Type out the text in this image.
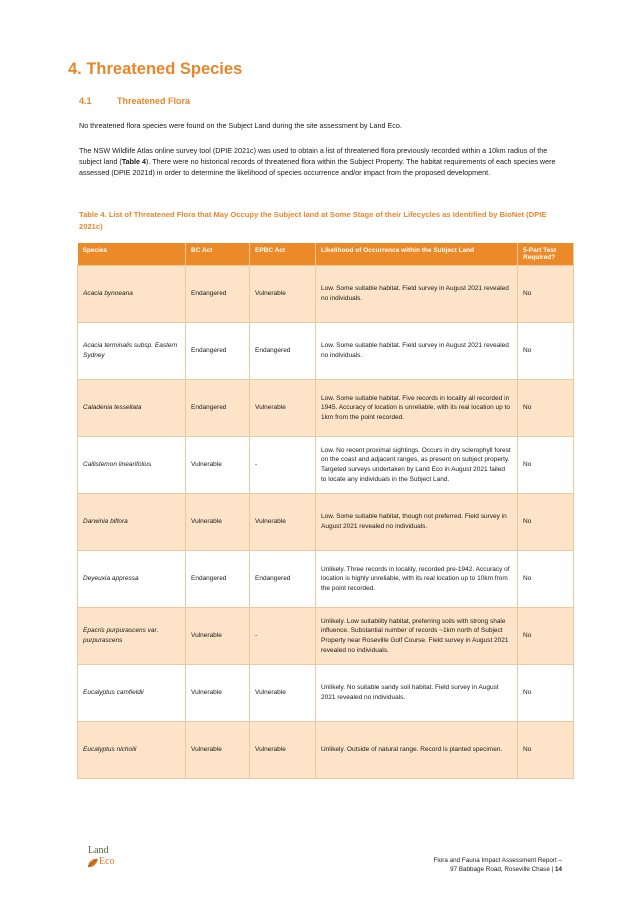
4. Threatened Species
4.1	Threatened Flora
No threatened flora species were found on the Subject Land during the site assessment by Land Eco.
The NSW Wildlife Atlas online survey tool (DPIE 2021c) was used to obtain a list of threatened flora previously recorded within a 10km radius of the subject land (Table 4). There were no historical records of threatened flora within the Subject Property. The habitat requirements of each species were assessed (DPIE 2021d) in order to determine the likelihood of species occurrence and/or impact from the proposed development.
Table 4. List of Threatened Flora that May Occupy the Subject land at Some Stage of their Lifecycles as Identified by BioNet (DPIE 2021c)
Species	BC Act	EPBC Act	Likelihood of Occurrence within the Subject Land	5-Part Test Required?
Acacia bynoeana	Endangered	Vulnerable	Low. Some suitable habitat. Field survey in August 2021 revealed no individuals.	No
Acacia terminalis subsp. Eastern Sydney	Endangered	Endangered	Low. Some suitable habitat. Field survey in August 2021 revealed no individuals.	No
Caladenia tessellata	Endangered	Vulnerable	Low. Some suitable habitat. Five records in locality all recorded in 1945. Accuracy of location is unreliable, with its real location up to 1km from the point recorded.	No
Callistemon linearifolius	Vulnerable	-	Low. No recent proximal sightings. Occurs in dry sclerophyll forest on the coast and adjacent ranges, as present on subject property. Targeted surveys undertaken by Land Eco in August 2021 failed to locate any individuals in the Subject Land.	No
Darwinia biflora	Vulnerable	Vulnerable	Low. Some suitable habitat, though not preferred. Field survey in August 2021 revealed no individuals.	No
Deyeuxia appressa	Endangered	Endangered	Unlikely. Three records in locality, recorded pre-1942. Accuracy of location is highly unreliable, with its real location up to 10km from the point recorded.	No
Epacris purpurascens var. purpurascens	Vulnerable	-	Unlikely. Low suitability habitat, preferring soils with strong shale influence. Substantial number of records ~1km north of Subject Property near Roseville Golf Course. Field survey in August 2021 revealed no individuals.	No
Eucalyptus camfieldii	Vulnerable	Vulnerable	Unlikely. No suitable sandy soil habitat. Field survey in August 2021 revealed no individuals.	No
Eucalyptus nicholii	Vulnerable	Vulnerable	Unlikely. Outside of natural range. Record is planted specimen.	No
Land
Eco	Flora and Fauna Impact Assessment Report –
97 Babbage Road, Roseville Chase | 14
